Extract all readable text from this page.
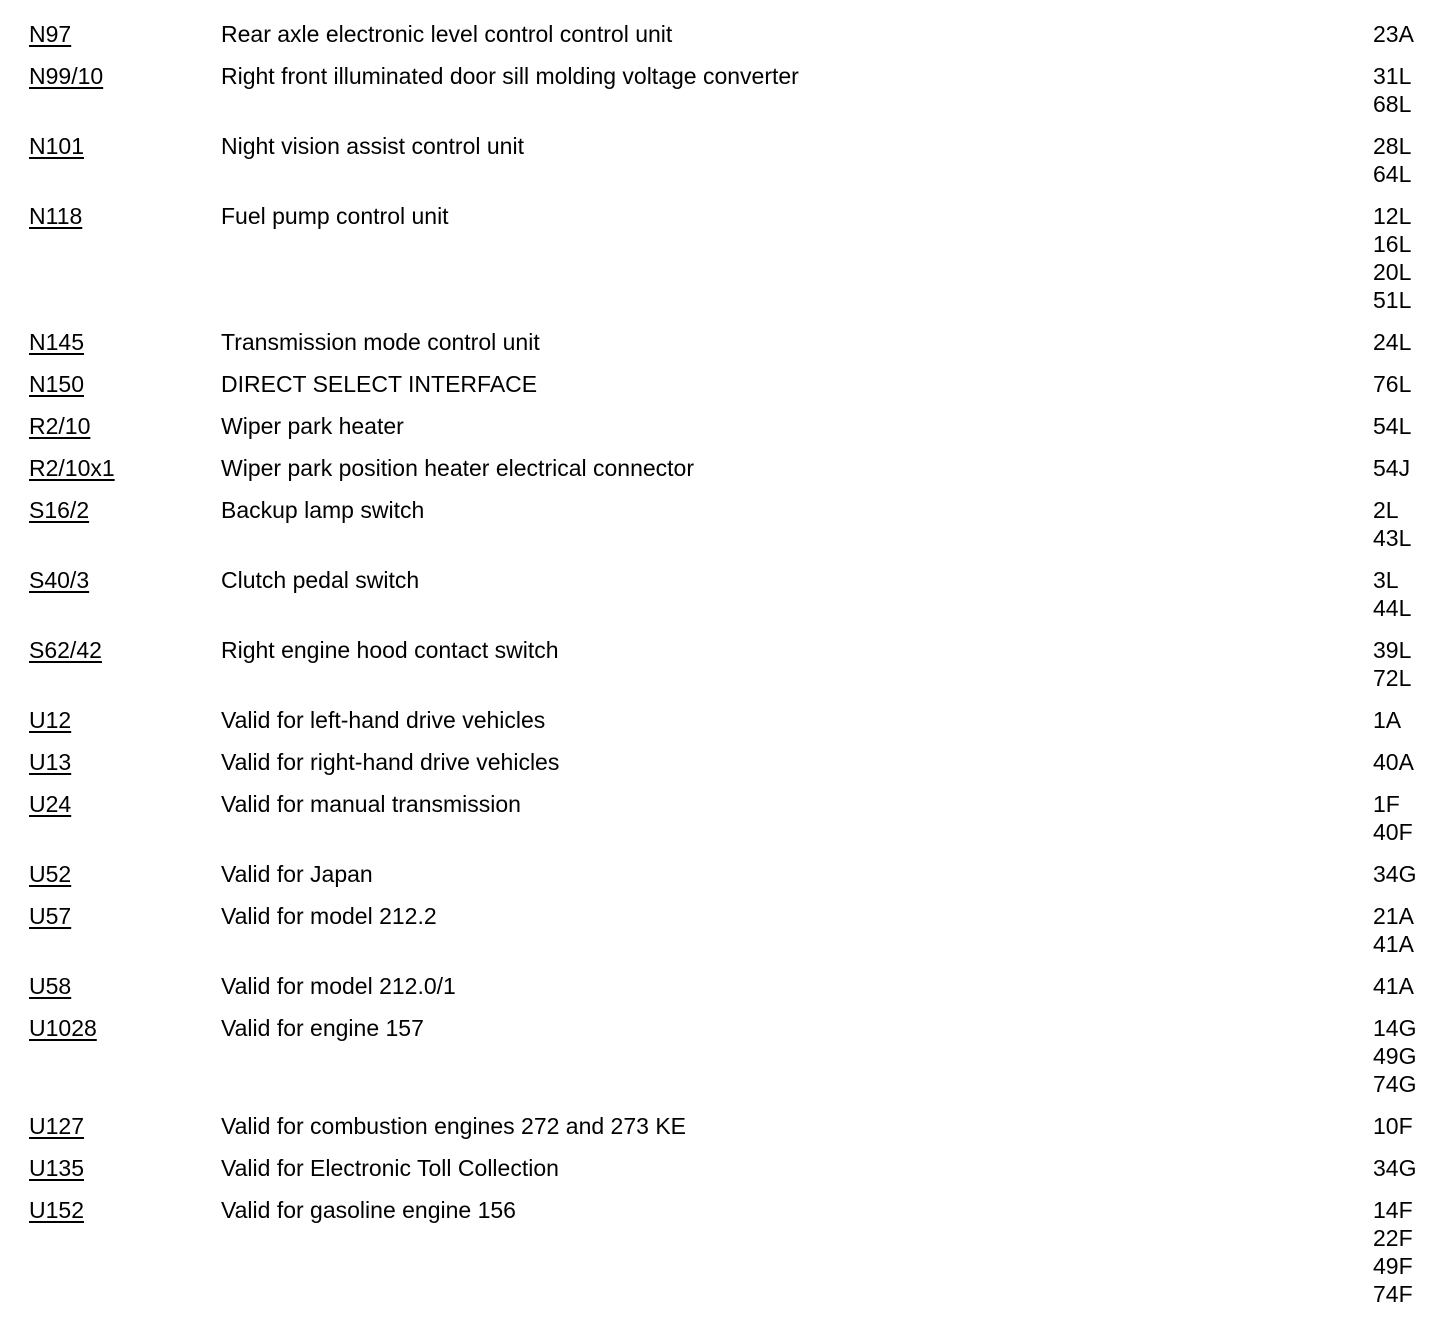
N97	Rear axle electronic level control control unit	23A
N99/10	Right front illuminated door sill molding voltage converter	31L
68L
N101	Night vision assist control unit	28L
64L
N118	Fuel pump control unit	12L
16L
20L
51L
N145	Transmission mode control unit	24L
N150	DIRECT SELECT INTERFACE	76L
R2/10	Wiper park heater	54L
R2/10x1	Wiper park position heater electrical connector	54J
S16/2	Backup lamp switch	2L
43L
S40/3	Clutch pedal switch	3L
44L
S62/42	Right engine hood contact switch	39L
72L
U12	Valid for left-hand drive vehicles	1A
U13	Valid for right-hand drive vehicles	40A
U24	Valid for manual transmission	1F
40F
U52	Valid for Japan	34G
U57	Valid for model 212.2	21A
41A
U58	Valid for model 212.0/1	41A
U1028	Valid for engine 157	14G
49G
74G
U127	Valid for combustion engines 272 and 273 KE	10F
U135	Valid for Electronic Toll Collection	34G
U152	Valid for gasoline engine 156	14F
22F
49F
74F
